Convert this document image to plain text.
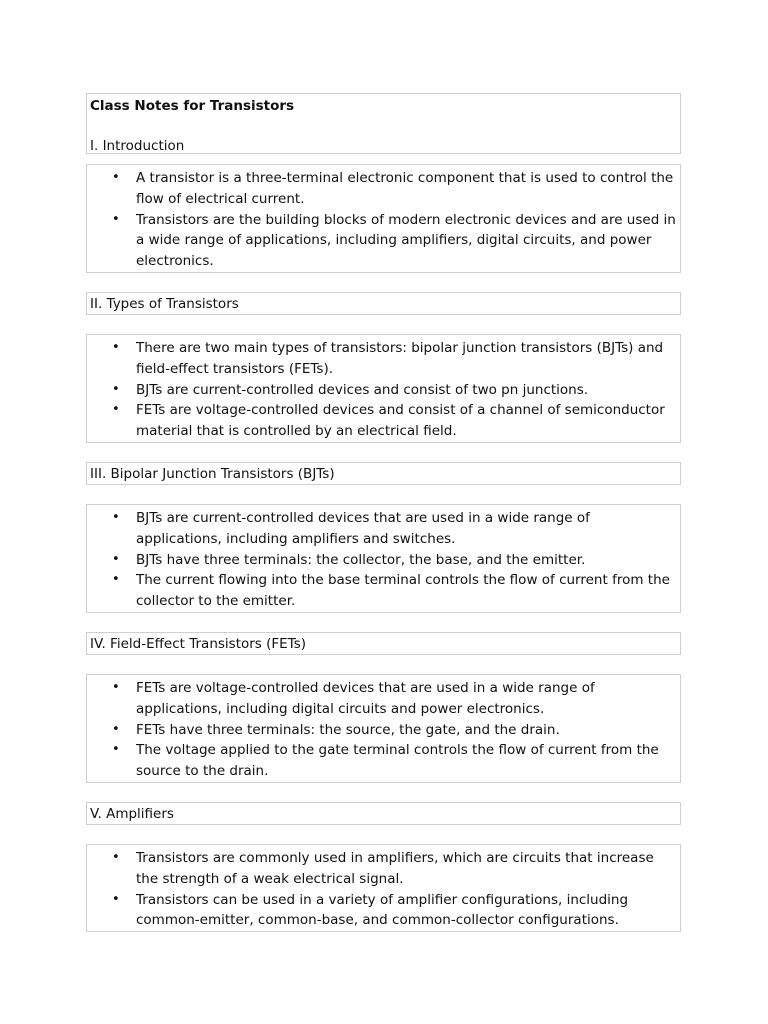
Class Notes for Transistors
I. Introduction
• A transistor is a three-terminal electronic component that is used to control the flow of electrical current.
• Transistors are the building blocks of modern electronic devices and are used in a wide range of applications, including amplifiers, digital circuits, and power electronics.
II. Types of Transistors
• There are two main types of transistors: bipolar junction transistors (BJTs) and field-effect transistors (FETs).
• BJTs are current-controlled devices and consist of two pn junctions.
• FETs are voltage-controlled devices and consist of a channel of semiconductor material that is controlled by an electrical field.
III. Bipolar Junction Transistors (BJTs)
• BJTs are current-controlled devices that are used in a wide range of applications, including amplifiers and switches.
• BJTs have three terminals: the collector, the base, and the emitter.
• The current flowing into the base terminal controls the flow of current from the collector to the emitter.
IV. Field-Effect Transistors (FETs)
• FETs are voltage-controlled devices that are used in a wide range of applications, including digital circuits and power electronics.
• FETs have three terminals: the source, the gate, and the drain.
• The voltage applied to the gate terminal controls the flow of current from the source to the drain.
V. Amplifiers
• Transistors are commonly used in amplifiers, which are circuits that increase the strength of a weak electrical signal.
• Transistors can be used in a variety of amplifier configurations, including common-emitter, common-base, and common-collector configurations.
